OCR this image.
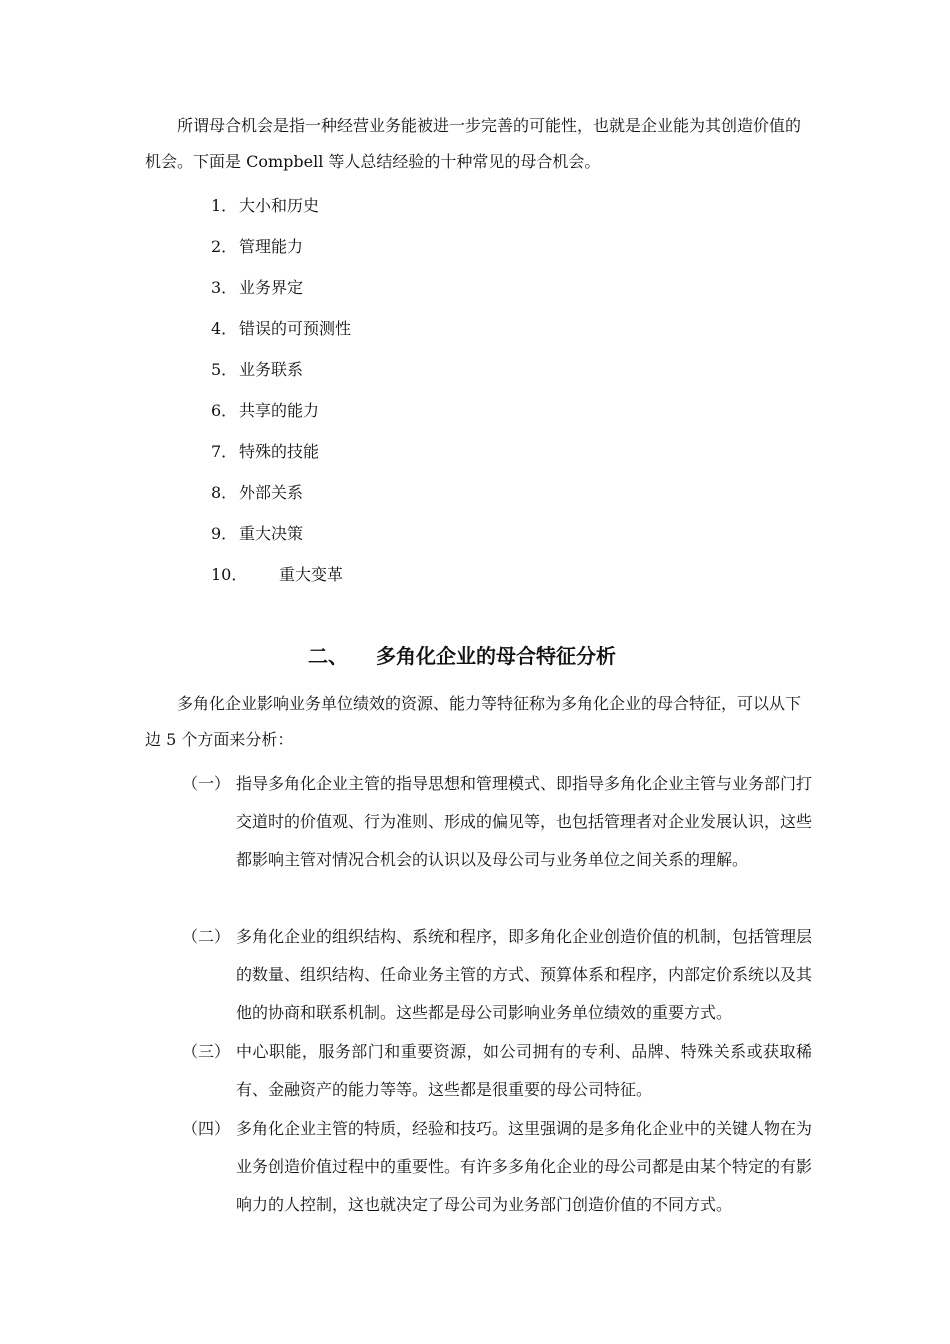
所谓母合机会是指一种经营业务能被进一步完善的可能性，也就是企业能为其创造价值的机会。下面是 Compbell 等人总结经验的十种常见的母合机会。

1． 大小和历史
2． 管理能力
3． 业务界定
4． 错误的可预测性
5． 业务联系
6． 共享的能力
7． 特殊的技能
8． 外部关系
9． 重大决策
10． 重大变革
二、 多角化企业的母合特征分析

多角化企业影响业务单位绩效的资源、能力等特征称为多角化企业的母合特征，可以从下边 5 个方面来分析：

（一） 指导多角化企业主管的指导思想和管理模式、即指导多角化企业主管与业务部门打交道时的价值观、行为准则、形成的偏见等，也包括管理者对企业发展认识，这些都影响主管对情况合机会的认识以及母公司与业务单位之间关系的理解。
（二） 多角化企业的组织结构、系统和程序，即多角化企业创造价值的机制，包括管理层的数量、组织结构、任命业务主管的方式、预算体系和程序，内部定价系统以及其他的协商和联系机制。这些都是母公司影响业务单位绩效的重要方式。
（三） 中心职能，服务部门和重要资源，如公司拥有的专利、品牌、特殊关系或获取稀有、金融资产的能力等等。这些都是很重要的母公司特征。
（四） 多角化企业主管的特质，经验和技巧。这里强调的是多角化企业中的关键人物在为业务创造价值过程中的重要性。有许多多角化企业的母公司都是由某个特定的有影响力的人控制，这也就决定了母公司为业务部门创造价值的不同方式。
